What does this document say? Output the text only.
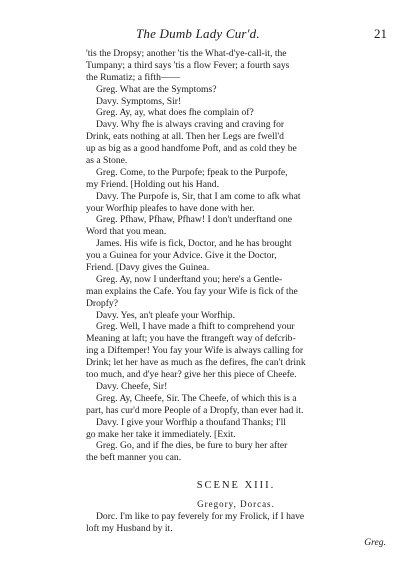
The Dumb Lady Cur'd.	21
'tis the Dropsy; another 'tis the What-d'ye-call-it, the
Tumpany; a third says 'tis a flow Fever; a fourth says
the Rumatiz; a fifth——
Greg. What are the Symptoms?
Davy. Symptoms, Sir!
Greg. Ay, ay, what does fhe complain of?
Davy. Why fhe is always craving and craving for
Drink, eats nothing at all. Then her Legs are fwell'd
up as big as a good handfome Poft, and as cold they be
as a Stone.
Greg. Come, to the Purpofe; fpeak to the Purpofe,
my Friend. [Holding out his Hand.
Davy. The Purpofe is, Sir, that I am come to afk what
your Worfhip pleafes to have done with her.
Greg. Pfhaw, Pfhaw, Pfhaw! I don't underftand one
Word that you mean.
James. His wife is fick, Doctor, and he has brought
you a Guinea for your Advice. Give it the Doctor,
Friend. [Davy gives the Guinea.
Greg. Ay, now I underftand you; here's a Gentle-
man explains the Cafe. You fay your Wife is fick of the
Dropfy?
Davy. Yes, an't pleafe your Worfhip.
Greg. Well, I have made a fhift to comprehend your
Meaning at laft; you have the ftrangeft way of defcrib-
ing a Diftemper! You fay your Wife is always calling for
Drink; let her have as much as fhe defires, fhe can't drink
too much, and d'ye hear? give her this piece of Cheefe.
Davy. Cheefe, Sir!
Greg. Ay, Cheefe, Sir. The Cheefe, of which this is a
part, has cur'd more People of a Dropfy, than ever had it.
Davy. I give your Worfhip a thoufand Thanks; I'll
go make her take it immediately. [Exit.
Greg. Go, and if fhe dies, be fure to bury her after
the beft manner you can.
SCENE XIII.
Gregory, Dorcas.
Dorc. I'm like to pay feverely for my Frolick, if I have
loft my Husband by it.
Greg.
